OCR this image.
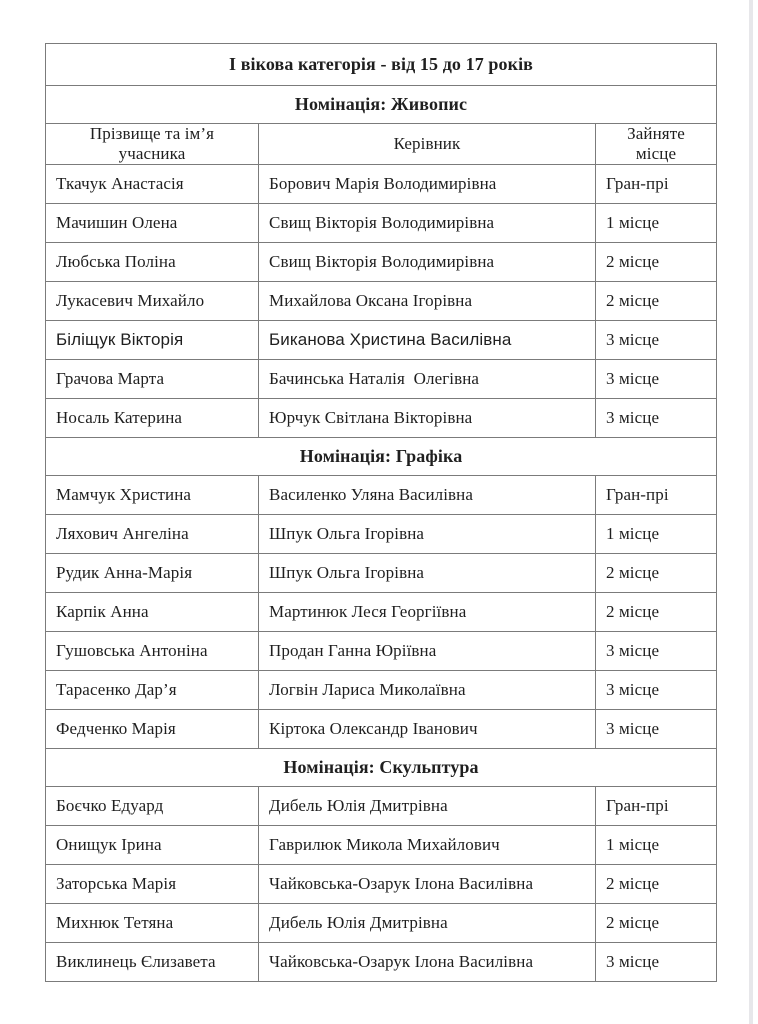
І вікова категорія - від 15 до 17 років		
Номінація: Живопис		
Прізвище та ім’я учасника	Керівник	Зайняте місце
Ткачук Анастасія	Борович Марія Володимирівна	Гран-прі
Мачишин Олена	Свищ Вікторія Володимирівна	1 місце
Любська Поліна	Свищ Вікторія Володимирівна	2 місце
Лукасевич Михайло	Михайлова Оксана Ігорівна	2 місце
Біліщук Вікторія	Биканова Христина Василівна	3 місце
Грачова Марта	Бачинська Наталія  Олегівна	3 місце
Носаль Катерина	Юрчук Світлана Вікторівна	3 місце
Номінація: Графіка		
Мамчук Христина	Василенко Уляна Василівна	Гран-прі
Ляхович Ангеліна	Шпук Ольга Ігорівна	1 місце
Рудик Анна-Марія	Шпук Ольга Ігорівна	2 місце
Карпік Анна	Мартинюк Леся Георгіївна	2 місце
Гушовська Антоніна	Продан Ганна Юріївна	3 місце
Тарасенко Дар’я	Логвін Лариса Миколаївна	3 місце
Федченко Марія	Кіртока Олександр Іванович	3 місце
Номінація: Скульптура		
Боєчко Едуард	Дибель Юлія Дмитрівна	Гран-прі
Онищук Ірина	Гаврилюк Микола Михайлович	1 місце
Заторська Марія	Чайковська-Озарук Ілона Василівна	2 місце
Михнюк Тетяна	Дибель Юлія Дмитрівна	2 місце
Виклинець Єлизавета	Чайковська-Озарук Ілона Василівна	3 місце
